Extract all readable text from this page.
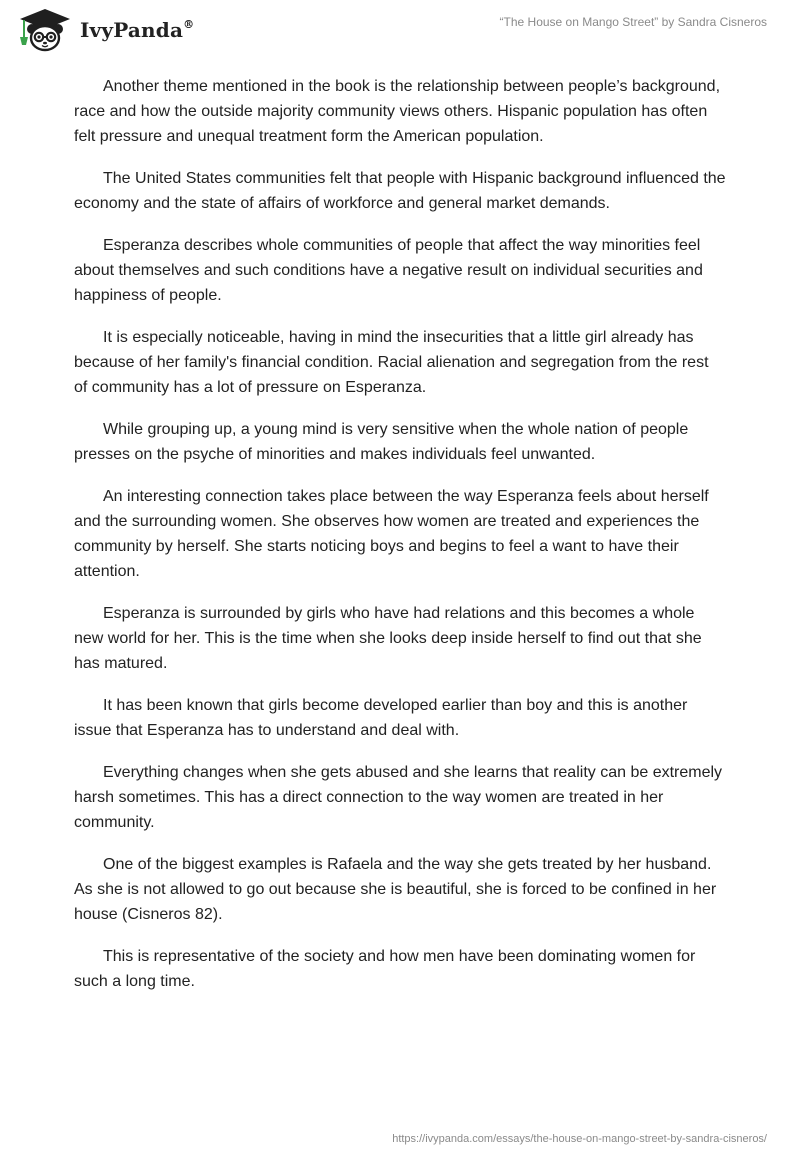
IvyPanda®	“The House on Mango Street” by Sandra Cisneros

Another theme mentioned in the book is the relationship between people’s background, race and how the outside majority community views others. Hispanic population has often felt pressure and unequal treatment form the American population.

The United States communities felt that people with Hispanic background influenced the economy and the state of affairs of workforce and general market demands.

Esperanza describes whole communities of people that affect the way minorities feel about themselves and such conditions have a negative result on individual securities and happiness of people.

It is especially noticeable, having in mind the insecurities that a little girl already has because of her family's financial condition. Racial alienation and segregation from the rest of community has a lot of pressure on Esperanza.

While grouping up, a young mind is very sensitive when the whole nation of people presses on the psyche of minorities and makes individuals feel unwanted.

An interesting connection takes place between the way Esperanza feels about herself and the surrounding women. She observes how women are treated and experiences the community by herself. She starts noticing boys and begins to feel a want to have their attention.

Esperanza is surrounded by girls who have had relations and this becomes a whole new world for her. This is the time when she looks deep inside herself to find out that she has matured.

It has been known that girls become developed earlier than boy and this is another issue that Esperanza has to understand and deal with.

Everything changes when she gets abused and she learns that reality can be extremely harsh sometimes. This has a direct connection to the way women are treated in her community.

One of the biggest examples is Rafaela and the way she gets treated by her husband. As she is not allowed to go out because she is beautiful, she is forced to be confined in her house (Cisneros 82).

This is representative of the society and how men have been dominating women for such a long time.

https://ivypanda.com/essays/the-house-on-mango-street-by-sandra-cisneros/
